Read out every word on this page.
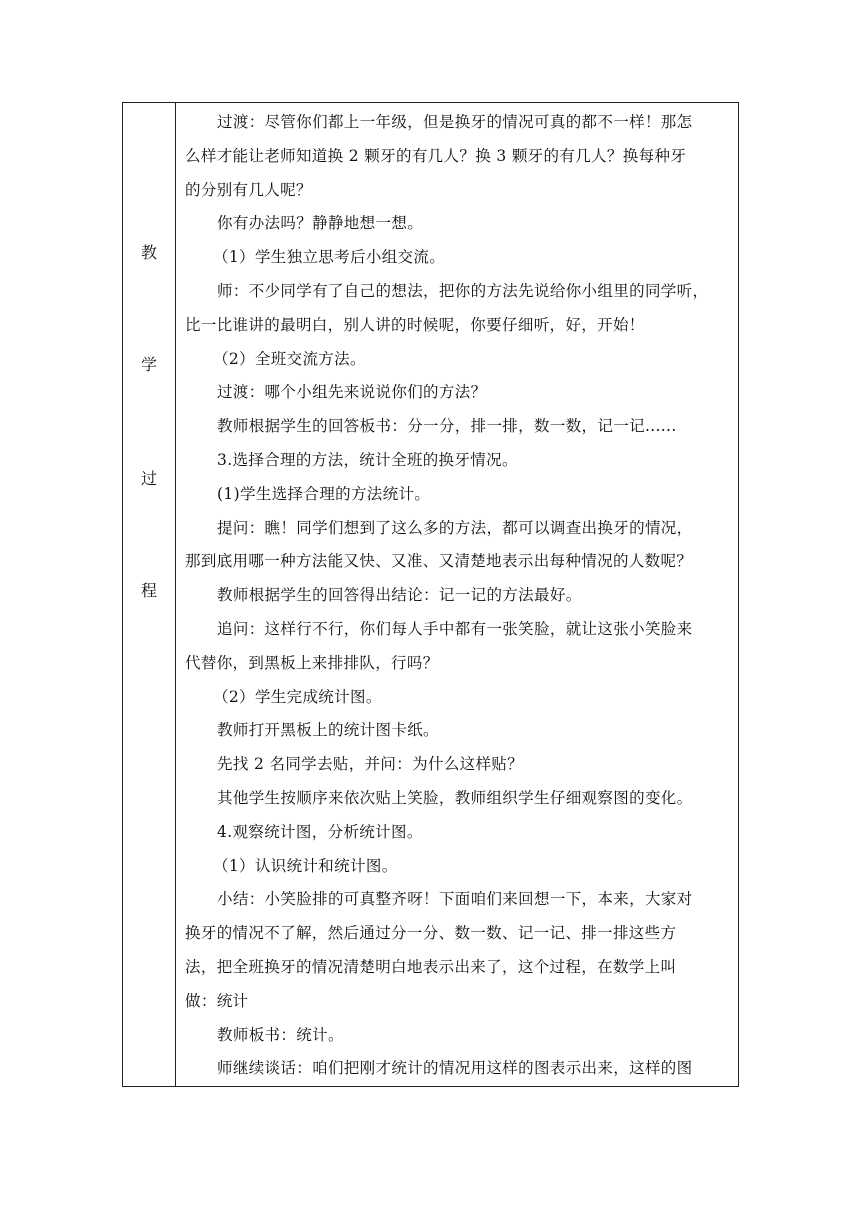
教
学
过
程

过渡：尽管你们都上一年级，但是换牙的情况可真的都不一样！那怎
么样才能让老师知道换 2 颗牙的有几人？换 3 颗牙的有几人？换每种牙
的分别有几人呢？
你有办法吗？静静地想一想。
（1）学生独立思考后小组交流。
师：不少同学有了自己的想法，把你的方法先说给你小组里的同学听，
比一比谁讲的最明白，别人讲的时候呢，你要仔细听，好，开始！
（2）全班交流方法。
过渡：哪个小组先来说说你们的方法？
教师根据学生的回答板书：分一分，排一排，数一数，记一记......
3.选择合理的方法，统计全班的换牙情况。
(1)学生选择合理的方法统计。
提问：瞧！同学们想到了这么多的方法，都可以调查出换牙的情况，
那到底用哪一种方法能又快、又准、又清楚地表示出每种情况的人数呢？
教师根据学生的回答得出结论：记一记的方法最好。
追问：这样行不行，你们每人手中都有一张笑脸，就让这张小笑脸来
代替你，到黑板上来排排队，行吗？
（2）学生完成统计图。
教师打开黑板上的统计图卡纸。
先找 2 名同学去贴，并问：为什么这样贴？
其他学生按顺序来依次贴上笑脸，教师组织学生仔细观察图的变化。
4.观察统计图，分析统计图。
（1）认识统计和统计图。
小结：小笑脸排的可真整齐呀！下面咱们来回想一下，本来，大家对
换牙的情况不了解，然后通过分一分、数一数、记一记、排一排这些方
法，把全班换牙的情况清楚明白地表示出来了，这个过程，在数学上叫
做：统计
教师板书：统计。
师继续谈话：咱们把刚才统计的情况用这样的图表示出来，这样的图
